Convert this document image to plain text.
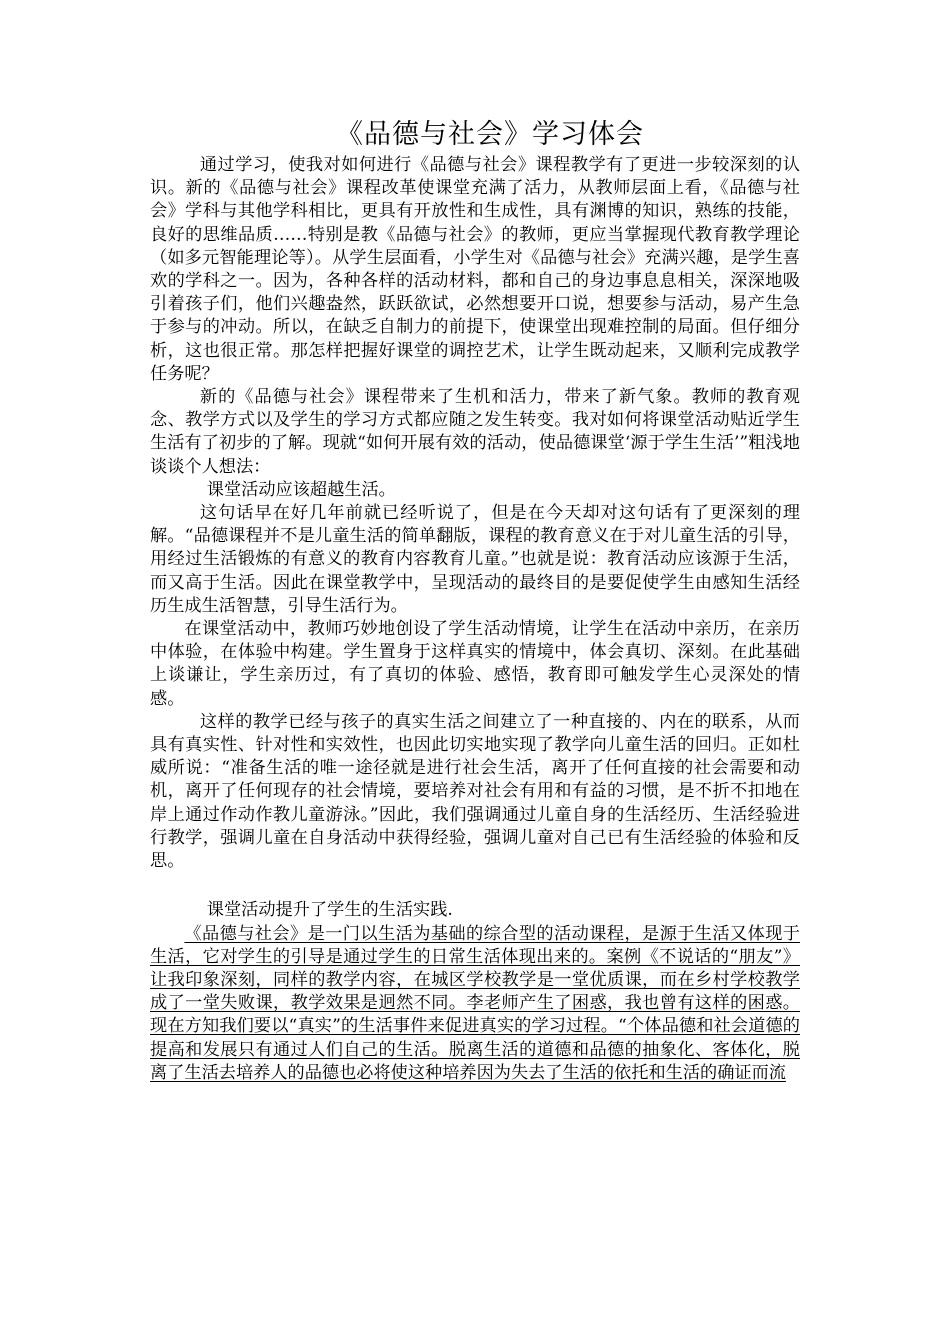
《品德与社会》学习体会

通过学习，使我对如何进行《品德与社会》课程教学有了更进一步较深刻的认识。新的《品德与社会》课程改革使课堂充满了活力，从教师层面上看，《品德与社会》学科与其他学科相比，更具有开放性和生成性，具有渊博的知识，熟练的技能，良好的思维品质……特别是教《品德与社会》的教师，更应当掌握现代教育教学理论（如多元智能理论等）。从学生层面看，小学生对《品德与社会》充满兴趣，是学生喜欢的学科之一。因为，各种各样的活动材料，都和自己的身边事息息相关，深深地吸引着孩子们，他们兴趣盎然，跃跃欲试，必然想要开口说，想要参与活动，易产生急于参与的冲动。所以，在缺乏自制力的前提下，使课堂出现难控制的局面。但仔细分析，这也很正常。那怎样把握好课堂的调控艺术，让学生既动起来，又顺利完成教学任务呢？

新的《品德与社会》课程带来了生机和活力，带来了新气象。教师的教育观念、教学方式以及学生的学习方式都应随之发生转变。我对如何将课堂活动贴近学生生活有了初步的了解。现就“如何开展有效的活动，使品德课堂‘源于学生生活’”粗浅地谈谈个人想法：

课堂活动应该超越生活。

这句话早在好几年前就已经听说了，但是在今天却对这句话有了更深刻的理解。“品德课程并不是儿童生活的简单翻版，课程的教育意义在于对儿童生活的引导，用经过生活锻炼的有意义的教育内容教育儿童。”也就是说：教育活动应该源于生活，而又高于生活。因此在课堂教学中，呈现活动的最终目的是要促使学生由感知生活经历生成生活智慧，引导生活行为。

在课堂活动中，教师巧妙地创设了学生活动情境，让学生在活动中亲历，在亲历中体验，在体验中构建。学生置身于这样真实的情境中，体会真切、深刻。在此基础上谈谦让，学生亲历过，有了真切的体验、感悟，教育即可触发学生心灵深处的情感。

这样的教学已经与孩子的真实生活之间建立了一种直接的、内在的联系，从而具有真实性、针对性和实效性，也因此切实地实现了教学向儿童生活的回归。正如杜威所说：“准备生活的唯一途径就是进行社会生活，离开了任何直接的社会需要和动机，离开了任何现存的社会情境，要培养对社会有用和有益的习惯，是不折不扣地在岸上通过作动作教儿童游泳。”因此，我们强调通过儿童自身的生活经历、生活经验进行教学，强调儿童在自身活动中获得经验，强调儿童对自己已有生活经验的体验和反思。

课堂活动提升了学生的生活实践.

《品德与社会》是一门以生活为基础的综合型的活动课程，是源于生活又体现于生活，它对学生的引导是通过学生的日常生活体现出来的。案例《不说话的“朋友”》让我印象深刻，同样的教学内容，在城区学校教学是一堂优质课，而在乡村学校教学成了一堂失败课，教学效果是迥然不同。李老师产生了困惑，我也曾有这样的困惑。现在方知我们要以“真实”的生活事件来促进真实的学习过程。“个体品德和社会道德的提高和发展只有通过人们自己的生活。脱离生活的道德和品德的抽象化、客体化，脱离了生活去培养人的品德也必将使这种培养因为失去了生活的依托和生活的确证而流
